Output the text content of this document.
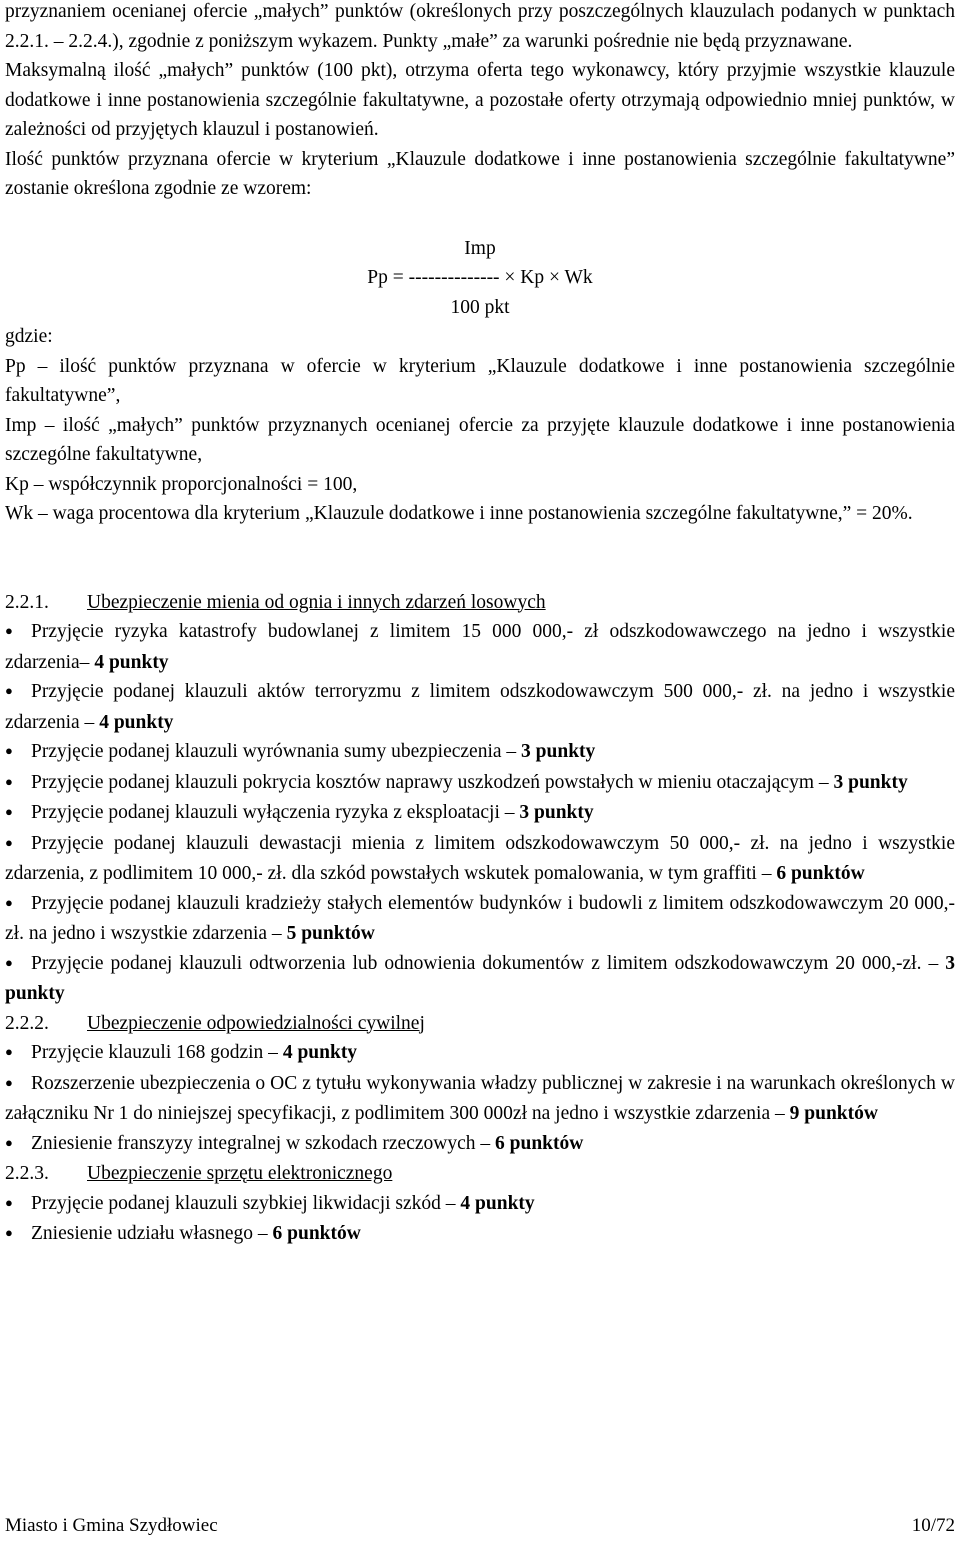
przyznaniem ocenianej ofercie „małych” punktów (określonych przy poszczególnych klauzulach podanych w punktach 2.2.1. – 2.2.4.), zgodnie z poniższym wykazem. Punkty „małe” za warunki pośrednie nie będą przyznawane.

Maksymalną ilość „małych” punktów (100 pkt), otrzyma oferta tego wykonawcy, który przyjmie wszystkie klauzule dodatkowe i inne postanowienia szczególnie fakultatywne, a pozostałe oferty otrzymają odpowiednio mniej punktów, w zależności od przyjętych klauzul i postanowień.

Ilość punktów przyznana ofercie w kryterium „Klauzule dodatkowe i inne postanowienia szczególnie fakultatywne” zostanie określona zgodnie ze wzorem:

Imp
Pp = -------------- × Kp × Wk
100 pkt

gdzie:

Pp – ilość punktów przyznana w ofercie w kryterium „Klauzule dodatkowe i inne postanowienia szczególnie fakultatywne”,

Imp – ilość „małych” punktów przyznanych ocenianej ofercie za przyjęte klauzule dodatkowe i inne postanowienia szczególne fakultatywne,

Kp – współczynnik proporcjonalności = 100,

Wk – waga procentowa dla kryterium „Klauzule dodatkowe i inne postanowienia szczególne fakultatywne,” = 20%.

2.2.1. Ubezpieczenie mienia od ognia i innych zdarzeń losowych

●Przyjęcie ryzyka katastrofy budowlanej z limitem 15 000 000,- zł odszkodowawczego na jedno i wszystkie zdarzenia– 4 punkty
●Przyjęcie podanej klauzuli aktów terroryzmu z limitem odszkodowawczym 500 000,- zł. na jedno i wszystkie zdarzenia – 4 punkty
●Przyjęcie podanej klauzuli wyrównania sumy ubezpieczenia – 3 punkty
●Przyjęcie podanej klauzuli pokrycia kosztów naprawy uszkodzeń powstałych w mieniu otaczającym – 3 punkty
●Przyjęcie podanej klauzuli wyłączenia ryzyka z eksploatacji – 3 punkty
●Przyjęcie podanej klauzuli dewastacji mienia z limitem odszkodowawczym 50 000,- zł. na jedno i wszystkie zdarzenia, z podlimitem 10 000,- zł. dla szkód powstałych wskutek pomalowania, w tym graffiti – 6 punktów
●Przyjęcie podanej klauzuli kradzieży stałych elementów budynków i budowli z limitem odszkodowawczym 20 000,- zł. na jedno i wszystkie zdarzenia – 5 punktów
●Przyjęcie podanej klauzuli odtworzenia lub odnowienia dokumentów z limitem odszkodowawczym 20 000,-zł. – 3 punkty

2.2.2. Ubezpieczenie odpowiedzialności cywilnej

●Przyjęcie klauzuli 168 godzin – 4 punkty
●Rozszerzenie ubezpieczenia o OC z tytułu wykonywania władzy publicznej w zakresie i na warunkach określonych w załączniku Nr 1 do niniejszej specyfikacji, z podlimitem 300 000zł na jedno i wszystkie zdarzenia – 9 punktów
●Zniesienie franszyzy integralnej w szkodach rzeczowych – 6 punktów

2.2.3. Ubezpieczenie sprzętu elektronicznego

●Przyjęcie podanej klauzuli szybkiej likwidacji szkód – 4 punkty
●Zniesienie udziału własnego – 6 punktów
Miasto i Gmina Szydłowiec	10/72
